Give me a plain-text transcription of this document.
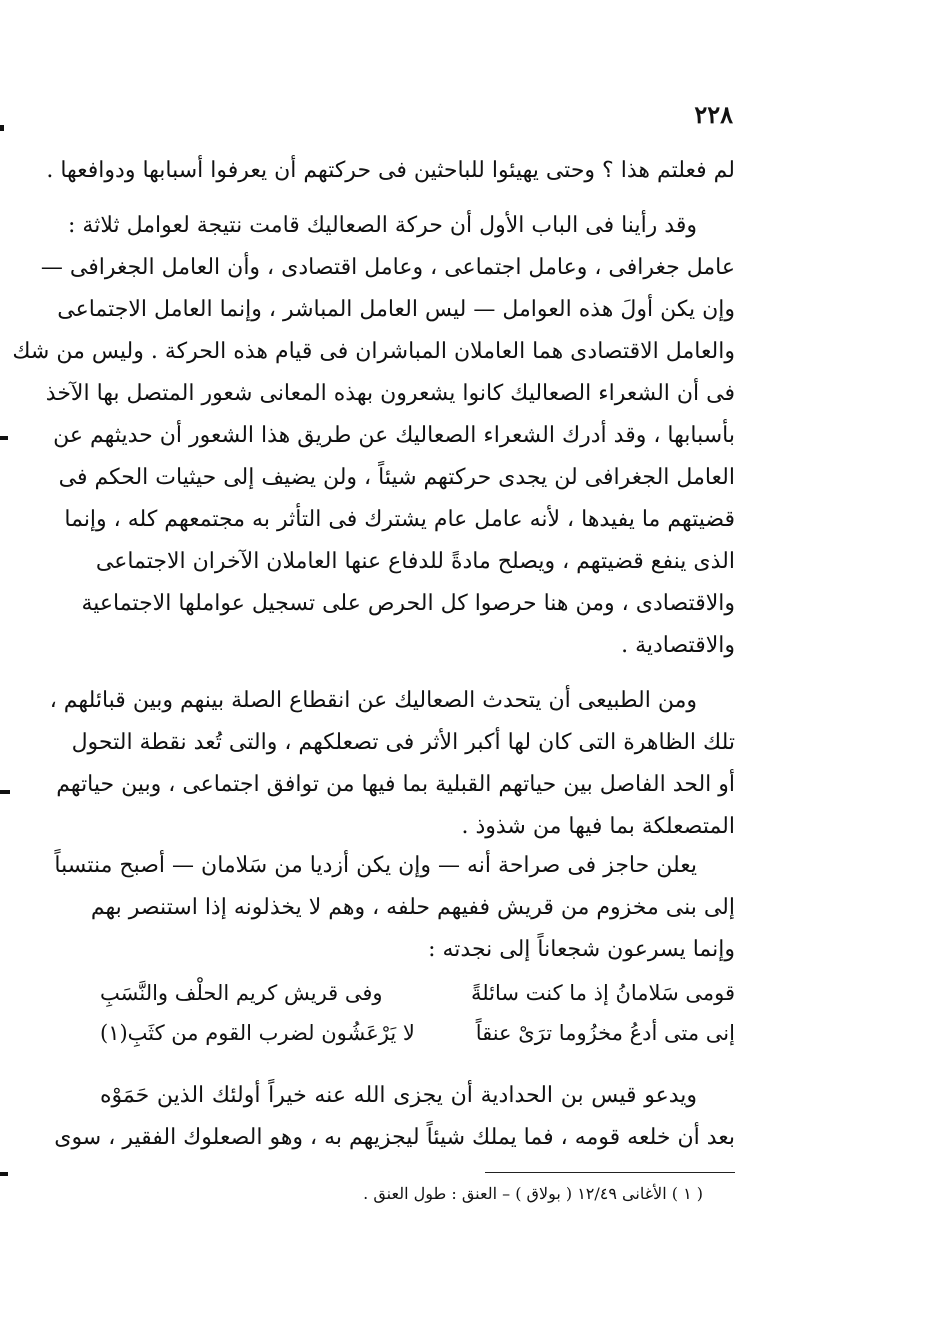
٢٢٨
لم فعلتم هذا ؟ وحتى يهيئوا للباحثين فى حركتهم أن يعرفوا أسبابها ودوافعها .
وقد رأينا فى الباب الأول أن حركة الصعاليك قامت نتيجة لعوامل ثلاثة :
عامل جغرافى ، وعامل اجتماعى ، وعامل اقتصادى ، وأن العامل الجغرافى —
وإن يكن أولَ هذه العوامل — ليس العامل المباشر ، وإنما العامل الاجتماعى
والعامل الاقتصادى هما العاملان المباشران فى قيام هذه الحركة . وليس من شك
فى أن الشعراء الصعاليك كانوا يشعرون بهذه المعانى شعور المتصل بها الآخذ
بأسبابها ، وقد أدرك الشعراء الصعاليك عن طريق هذا الشعور أن حديثهم عن
العامل الجغرافى لن يجدى حركتهم شيئاً ، ولن يضيف إلى حيثيات الحكم فى
قضيتهم ما يفيدها ، لأنه عامل عام يشترك فى التأثر به مجتمعهم كله ، وإنما
الذى ينفع قضيتهم ، ويصلح مادةً للدفاع عنها العاملان الآخران الاجتماعى
والاقتصادى ، ومن هنا حرصوا كل الحرص على تسجيل عواملها الاجتماعية
والاقتصادية .
ومن الطبيعى أن يتحدث الصعاليك عن انقطاع الصلة بينهم وبين قبائلهم ،
تلك الظاهرة التى كان لها أكبر الأثر فى تصعلكهم ، والتى تُعد نقطة التحول
أو الحد الفاصل بين حياتهم القبلية بما فيها من توافق اجتماعى ، وبين حياتهم
المتصعلكة بما فيها من شذوذ .
يعلن حاجز فى صراحة أنه — وإن يكن أزديا من سَلامان — أصبح منتسباً
إلى بنى مخزوم من قريش ففيهم حلفه ، وهم لا يخذلونه إذا استنصر بهم
وإنما يسرعون شجعاناً إلى نجدته :
قومى سَلامانُ إذ ما كنت سائلةً
وفى قريش كريم الحلْف والنَّسَبِ
إنى متى أدعُ مخزُوما ترَىْ عنقاً
لا يَرْعَشُون لضرب القوم من كثَبِ(١)
ويدعو قيس بن الحدادية أن يجزى الله عنه خيراً أولئك الذين حَمَوْه
بعد أن خلعه قومه ، فما يملك شيئاً ليجزيهم به ، وهو الصعلوك الفقير ، سوى
( ١ ) الأغانى ١٢/٤٩ ( بولاق ) – العنق : طول العنق .
